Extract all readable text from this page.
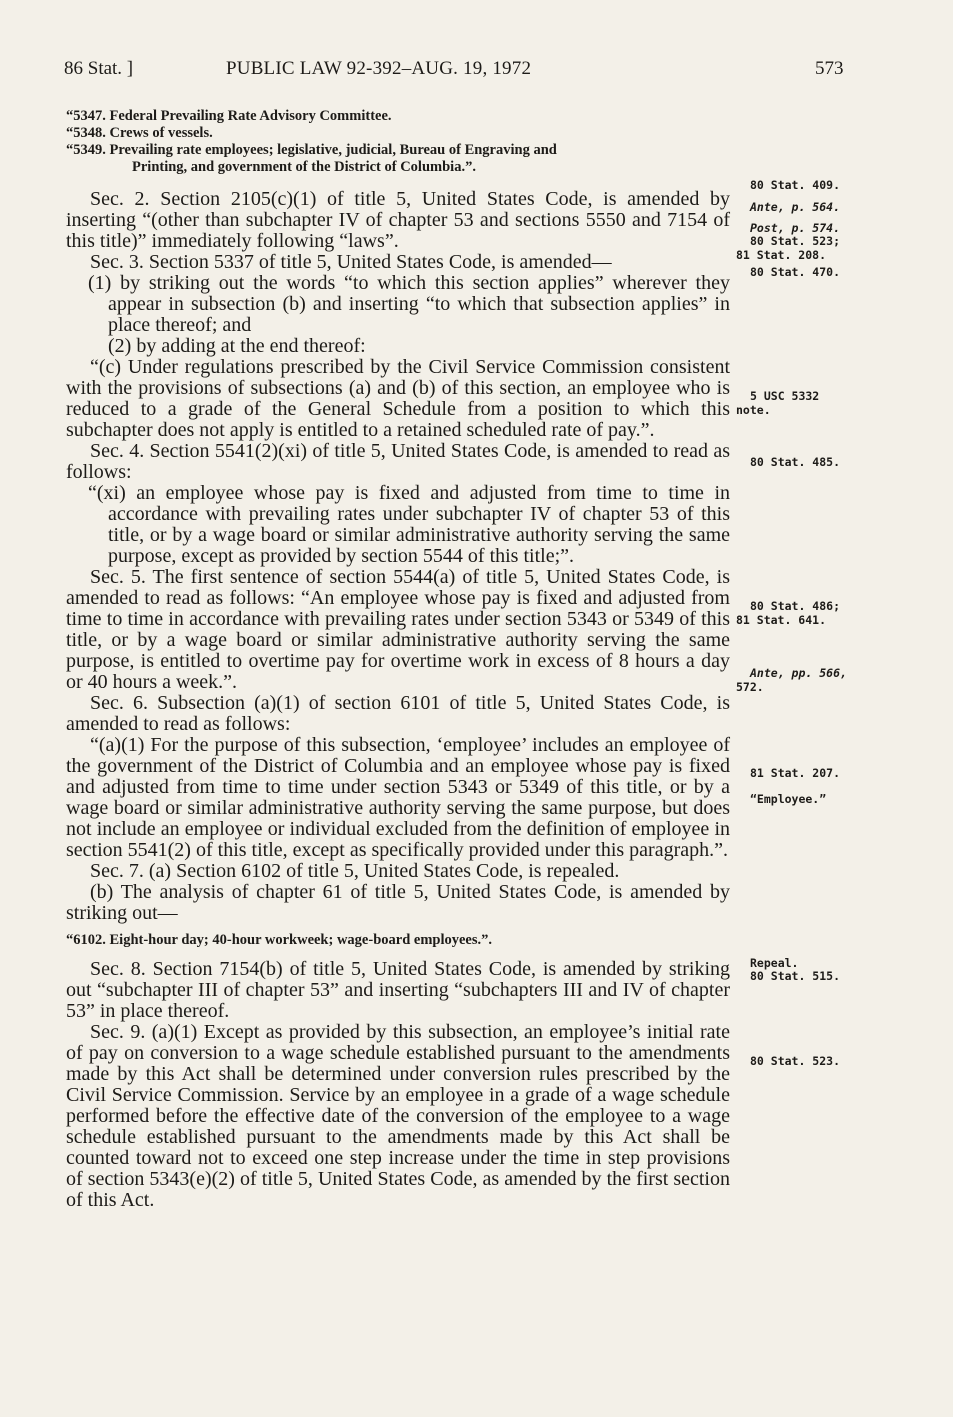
86 Stat. ]	PUBLIC LAW 92-392–AUG. 19, 1972	573
“5347. Federal Prevailing Rate Advisory Committee.
“5348. Crews of vessels.
“5349. Prevailing rate employees; legislative, judicial, Bureau of Engraving and
Printing, and government of the District of Columbia.”.

Sec. 2. Section 2105(c)(1) of title 5, United States Code, is amended by inserting “(other than subchapter IV of chapter 53 and sections 5550 and 7154 of this title)” immediately following “laws”.

Sec. 3. Section 5337 of title 5, United States Code, is amended—

(1) by striking out the words “to which this section applies” wherever they appear in subsection (b) and inserting “to which that subsection applies” in place thereof; and

(2) by adding at the end thereof:

“(c) Under regulations prescribed by the Civil Service Commission consistent with the provisions of subsections (a) and (b) of this section, an employee who is reduced to a grade of the General Schedule from a position to which this subchapter does not apply is entitled to a retained scheduled rate of pay.”.

Sec. 4. Section 5541(2)(xi) of title 5, United States Code, is amended to read as follows:

“(xi) an employee whose pay is fixed and adjusted from time to time in accordance with prevailing rates under subchapter IV of chapter 53 of this title, or by a wage board or similar administrative authority serving the same purpose, except as provided by section 5544 of this title;”.

Sec. 5. The first sentence of section 5544(a) of title 5, United States Code, is amended to read as follows: “An employee whose pay is fixed and adjusted from time to time in accordance with prevailing rates under section 5343 or 5349 of this title, or by a wage board or similar administrative authority serving the same purpose, is entitled to overtime pay for overtime work in excess of 8 hours a day or 40 hours a week.”.

Sec. 6. Subsection (a)(1) of section 6101 of title 5, United States Code, is amended to read as follows:

“(a)(1) For the purpose of this subsection, ‘employee’ includes an employee of the government of the District of Columbia and an employee whose pay is fixed and adjusted from time to time under section 5343 or 5349 of this title, or by a wage board or similar administrative authority serving the same purpose, but does not include an employee or individual excluded from the definition of employee in section 5541(2) of this title, except as specifically provided under this paragraph.”.

Sec. 7. (a) Section 6102 of title 5, United States Code, is repealed.

(b) The analysis of chapter 61 of title 5, United States Code, is amended by striking out—

“6102. Eight-hour day; 40-hour workweek; wage-board employees.”.

Sec. 8. Section 7154(b) of title 5, United States Code, is amended by striking out “subchapter III of chapter 53” and inserting “subchapters III and IV of chapter 53” in place thereof.

Sec. 9. (a)(1) Except as provided by this subsection, an employee’s initial rate of pay on conversion to a wage schedule established pursuant to the amendments made by this Act shall be determined under conversion rules prescribed by the Civil Service Commission. Service by an employee in a grade of a wage schedule performed before the effective date of the conversion of the employee to a wage schedule established pursuant to the amendments made by this Act shall be counted toward not to exceed one step increase under the time in step provisions of section 5343(e)(2) of title 5, United States Code, as amended by the first section of this Act.

80 Stat. 409.
Ante, p. 564.
Post, p. 574.
80 Stat. 523;
81 Stat. 208.
80 Stat. 470.
5 USC 5332
note.
80 Stat. 485.
80 Stat. 486;
81 Stat. 641.
Ante, pp. 566,
572.
81 Stat. 207.
“Employee.”
Repeal.
80 Stat. 515.
80 Stat. 523.
